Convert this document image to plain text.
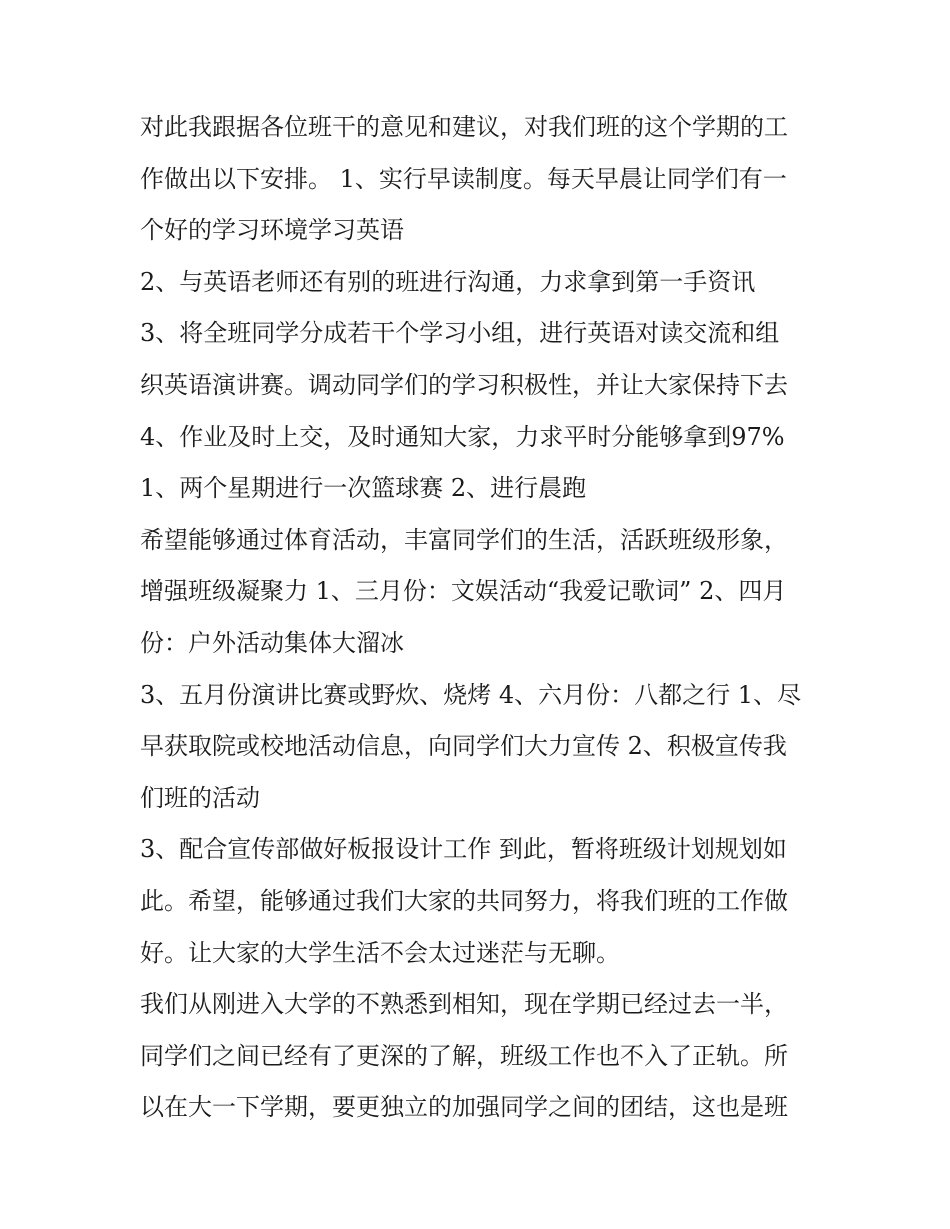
对此我跟据各位班干的意见和建议，对我们班的这个学期的工
作做出以下安排。 1、实行早读制度。每天早晨让同学们有一
个好的学习环境学习英语
2、与英语老师还有别的班进行沟通，力求拿到第一手资讯
3、将全班同学分成若干个学习小组，进行英语对读交流和组
织英语演讲赛。调动同学们的学习积极性，并让大家保持下去
4、作业及时上交，及时通知大家，力求平时分能够拿到97%
1、两个星期进行一次篮球赛 2、进行晨跑
希望能够通过体育活动，丰富同学们的生活，活跃班级形象，
增强班级凝聚力 1、三月份：文娱活动“我爱记歌词” 2、四月
份：户外活动集体大溜冰
3、五月份演讲比赛或野炊、烧烤 4、六月份：八都之行 1、尽
早获取院或校地活动信息，向同学们大力宣传 2、积极宣传我
们班的活动
3、配合宣传部做好板报设计工作 到此，暂将班级计划规划如
此。希望，能够通过我们大家的共同努力，将我们班的工作做
好。让大家的大学生活不会太过迷茫与无聊。
我们从刚进入大学的不熟悉到相知，现在学期已经过去一半，
同学们之间已经有了更深的了解，班级工作也不入了正轨。所
以在大一下学期，要更独立的加强同学之间的团结，这也是班
